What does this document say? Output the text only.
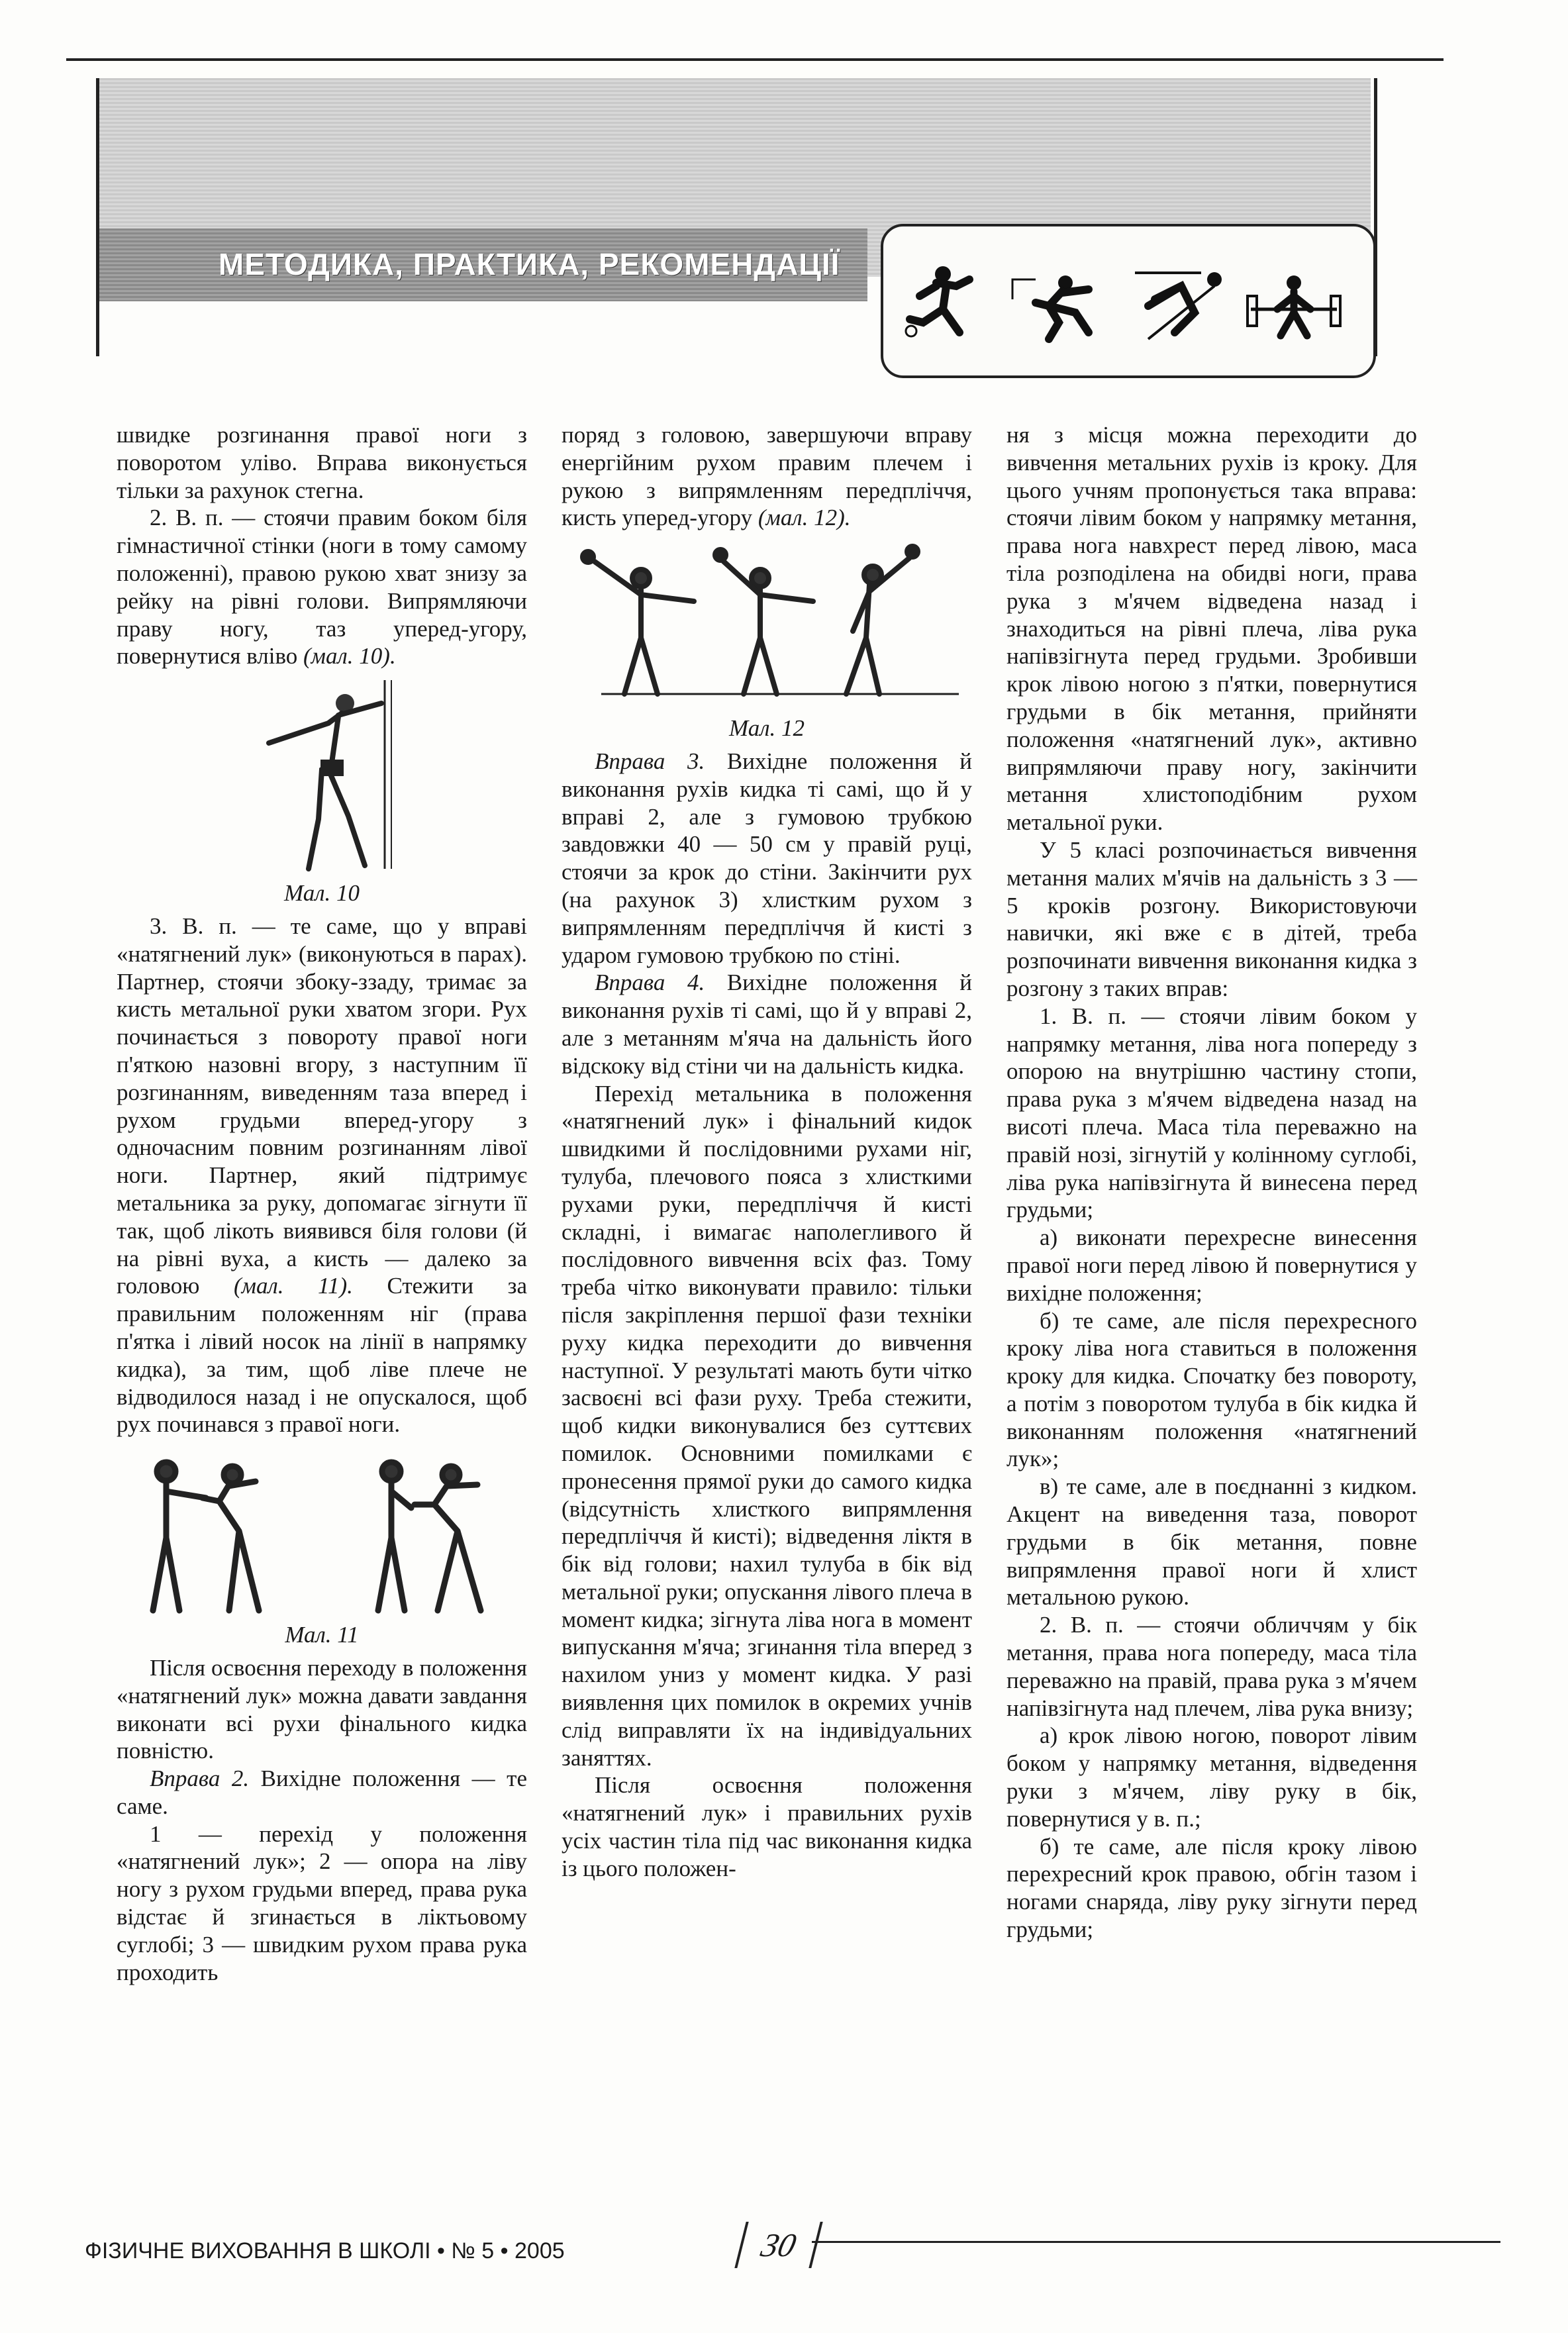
МЕТОДИКА, ПРАКТИКА, РЕКОМЕНДАЦІЇ

швидке розгинання правої ноги з поворотом уліво. Вправа виконується тільки за рахунок стегна.

2. В. п. — стоячи правим боком біля гімнастичної стінки (ноги в тому самому положенні), правою рукою хват знизу за рейку на рівні голови. Випрямляючи праву ногу, таз уперед-угору, повернутися вліво (мал. 10).

Мал. 10

3. В. п. — те саме, що у вправі «натягнений лук» (виконуються в парах). Партнер, стоячи збоку-ззаду, тримає за кисть метальної руки хватом згори. Рух починається з повороту правої ноги п'яткою назовні вгору, з наступним її розгинанням, виведенням таза вперед і рухом грудьми вперед-угору з одночасним повним розгинанням лівої ноги. Партнер, який підтримує метальника за руку, допомагає зігнути її так, щоб лікоть виявився біля голови (й на рівні вуха, а кисть — далеко за головою (мал. 11). Стежити за правильним положенням ніг (права п'ятка і лівий носок на лінії в напрямку кидка), за тим, щоб ліве плече не відводилося назад і не опускалося, щоб рух починався з правої ноги.

Мал. 11

Після освоєння переходу в положення «натягнений лук» можна давати завдання виконати всі рухи фінального кидка повністю.

Вправа 2. Вихідне положення — те саме.

1 — перехід у положення «натягнений лук»; 2 — опора на ліву ногу з рухом грудьми вперед, права рука відстає й згинається в ліктьовому суглобі; 3 — швидким рухом права рука проходить

поряд з головою, завершуючи вправу енергійним рухом правим плечем і рукою з випрямленням передпліччя, кисть уперед-угору (мал. 12).

Мал. 12

Вправа 3. Вихідне положення й виконання рухів кидка ті самі, що й у вправі 2, але з гумовою трубкою завдовжки 40 — 50 см у правій руці, стоячи за крок до стіни. Закінчити рух (на рахунок 3) хлистким рухом з випрямленням передпліччя й кисті з ударом гумовою трубкою по стіні.

Вправа 4. Вихідне положення й виконання рухів ті самі, що й у вправі 2, але з метанням м'яча на дальність його відскоку від стіни чи на дальність кидка.

Перехід метальника в положення «натягнений лук» і фінальний кидок швидкими й послідовними рухами ніг, тулуба, плечового пояса з хлисткими рухами руки, передпліччя й кисті складні, і вимагає наполегливого й послідовного вивчення всіх фаз. Тому треба чітко виконувати правило: тільки після закріплення першої фази техніки руху кидка переходити до вивчення наступної. У результаті мають бути чітко засвоєні всі фази руху. Треба стежити, щоб кидки виконувалися без суттєвих помилок. Основними помилками є пронесення прямої руки до самого кидка (відсутність хлисткого випрямлення передпліччя й кисті); відведення ліктя в бік від голови; нахил тулуба в бік від метальної руки; опускання лівого плеча в момент кидка; зігнута ліва нога в момент випускання м'яча; згинання тіла вперед з нахилом униз у момент кидка. У разі виявлення цих помилок в окремих учнів слід виправляти їх на індивідуальних заняттях.

Після освоєння положення «натягнений лук» і правильних рухів усіх частин тіла під час виконання кидка із цього положен-

ня з місця можна переходити до вивчення метальних рухів із кроку. Для цього учням пропонується така вправа: стоячи лівим боком у напрямку метання, права нога навхрест перед лівою, маса тіла розподілена на обидві ноги, права рука з м'ячем відведена назад і знаходиться на рівні плеча, ліва рука напівзігнута перед грудьми. Зробивши крок лівою ногою з п'ятки, повернутися грудьми в бік метання, прийняти положення «натягнений лук», активно випрямляючи праву ногу, закінчити метання хлистоподібним рухом метальної руки.

У 5 класі розпочинається вивчення метання малих м'ячів на дальність з 3 — 5 кроків розгону. Використовуючи навички, які вже є в дітей, треба розпочинати вивчення виконання кидка з розгону з таких вправ:

1. В. п. — стоячи лівим боком у напрямку метання, ліва нога попереду з опорою на внутрішню частину стопи, права рука з м'ячем відведена назад на висоті плеча. Маса тіла переважно на правій нозі, зігнутій у колінному суглобі, ліва рука напівзігнута й винесена перед грудьми;

а) виконати перехресне винесення правої ноги перед лівою й повернутися у вихідне положення;

б) те саме, але після перехресного кроку ліва нога ставиться в положення кроку для кидка. Спочатку без повороту, а потім з поворотом тулуба в бік кидка й виконанням положення «натягнений лук»;

в) те саме, але в поєднанні з кидком. Акцент на виведення таза, поворот грудьми в бік метання, повне випрямлення правої ноги й хлист метальною рукою.

2. В. п. — стоячи обличчям у бік метання, права нога попереду, маса тіла переважно на правій, права рука з м'ячем напівзігнута над плечем, ліва рука внизу;

а) крок лівою ногою, поворот лівим боком у напрямку метання, відведення руки з м'ячем, ліву руку в бік, повернутися у в. п.;

б) те саме, але після кроку лівою перехресний крок правою, обгін тазом і ногами снаряда, ліву руку зігнути перед грудьми;

ФІЗИЧНЕ ВИХОВАННЯ В ШКОЛІ • № 5 • 2005	30
